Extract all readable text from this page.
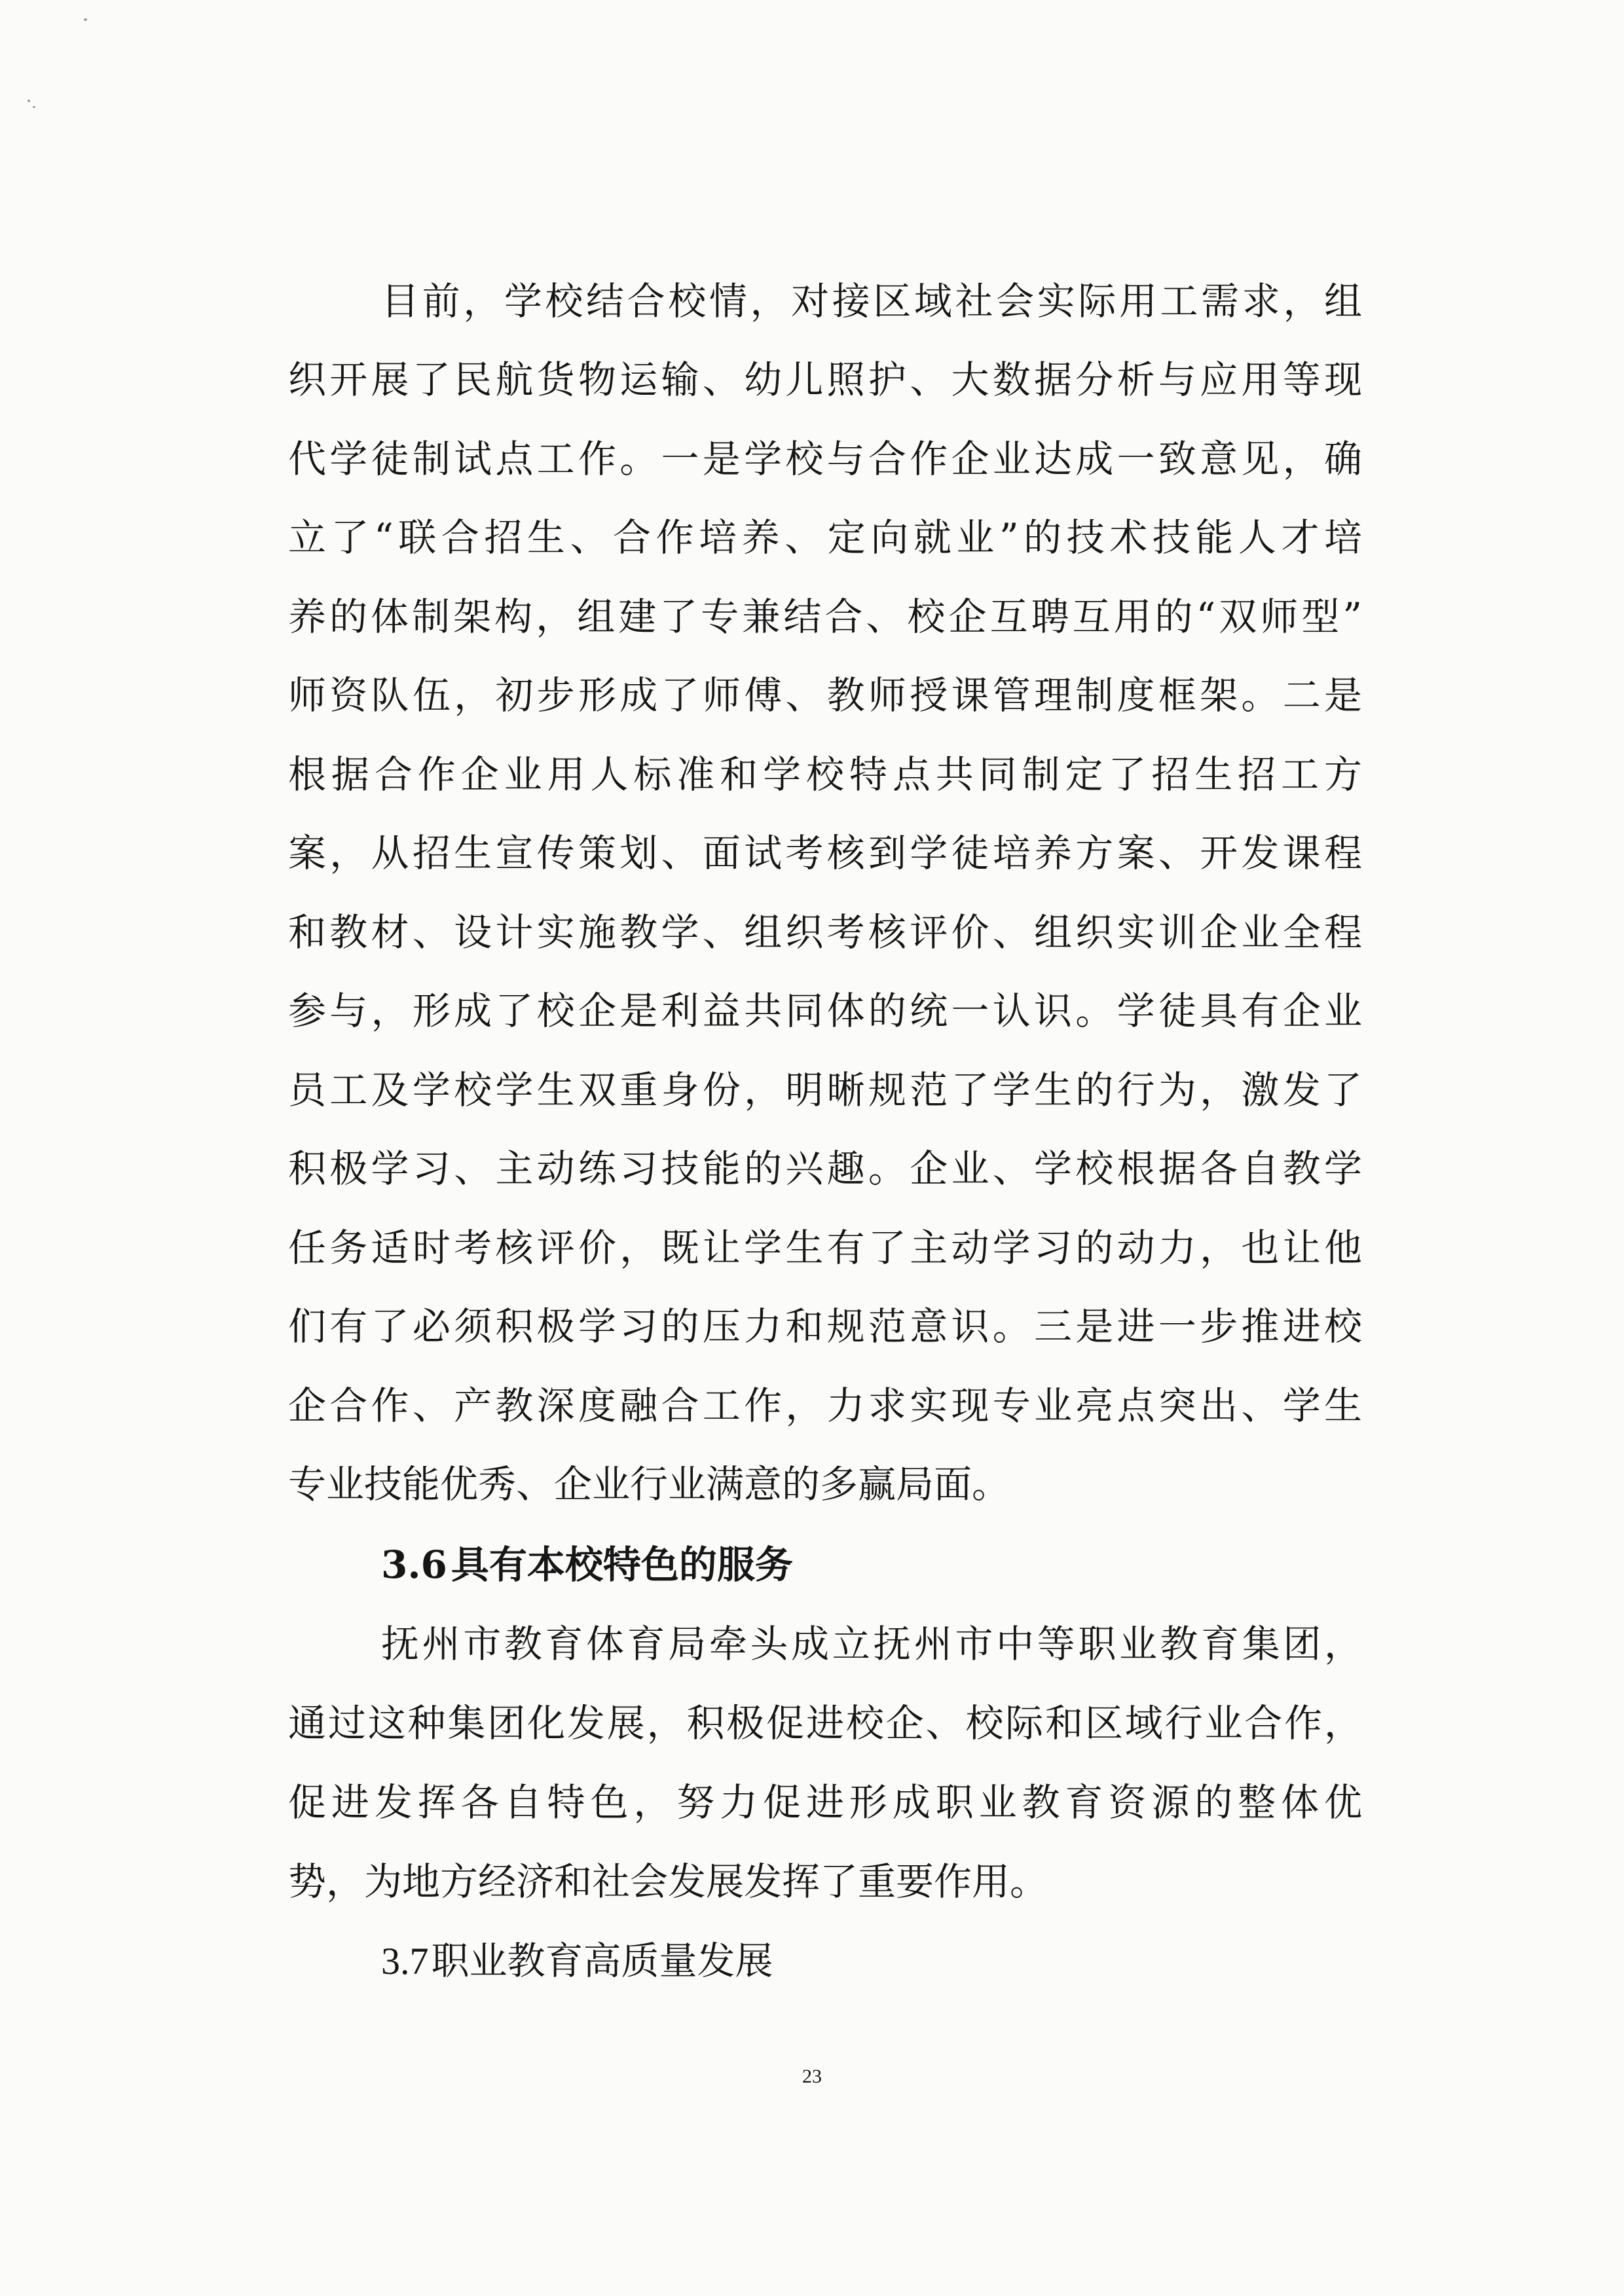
目前，学校结合校情，对接区域社会实际用工需求，组
织开展了民航货物运输、幼儿照护、大数据分析与应用等现
代学徒制试点工作。一是学校与合作企业达成一致意见，确
立了“联合招生、合作培养、定向就业”的技术技能人才培
养的体制架构，组建了专兼结合、校企互聘互用的“双师型”
师资队伍，初步形成了师傅、教师授课管理制度框架。二是
根据合作企业用人标准和学校特点共同制定了招生招工方
案，从招生宣传策划、面试考核到学徒培养方案、开发课程
和教材、设计实施教学、组织考核评价、组织实训企业全程
参与，形成了校企是利益共同体的统一认识。学徒具有企业
员工及学校学生双重身份，明晰规范了学生的行为，激发了
积极学习、主动练习技能的兴趣。企业、学校根据各自教学
任务适时考核评价，既让学生有了主动学习的动力，也让他
们有了必须积极学习的压力和规范意识。三是进一步推进校
企合作、产教深度融合工作，力求实现专业亮点突出、学生
专业技能优秀、企业行业满意的多赢局面。
3.6 具有本校特色的服务
抚州市教育体育局牵头成立抚州市中等职业教育集团，
通过这种集团化发展，积极促进校企、校际和区域行业合作，
促进发挥各自特色，努力促进形成职业教育资源的整体优
势，为地方经济和社会发展发挥了重要作用。
3.7职业教育高质量发展
23
